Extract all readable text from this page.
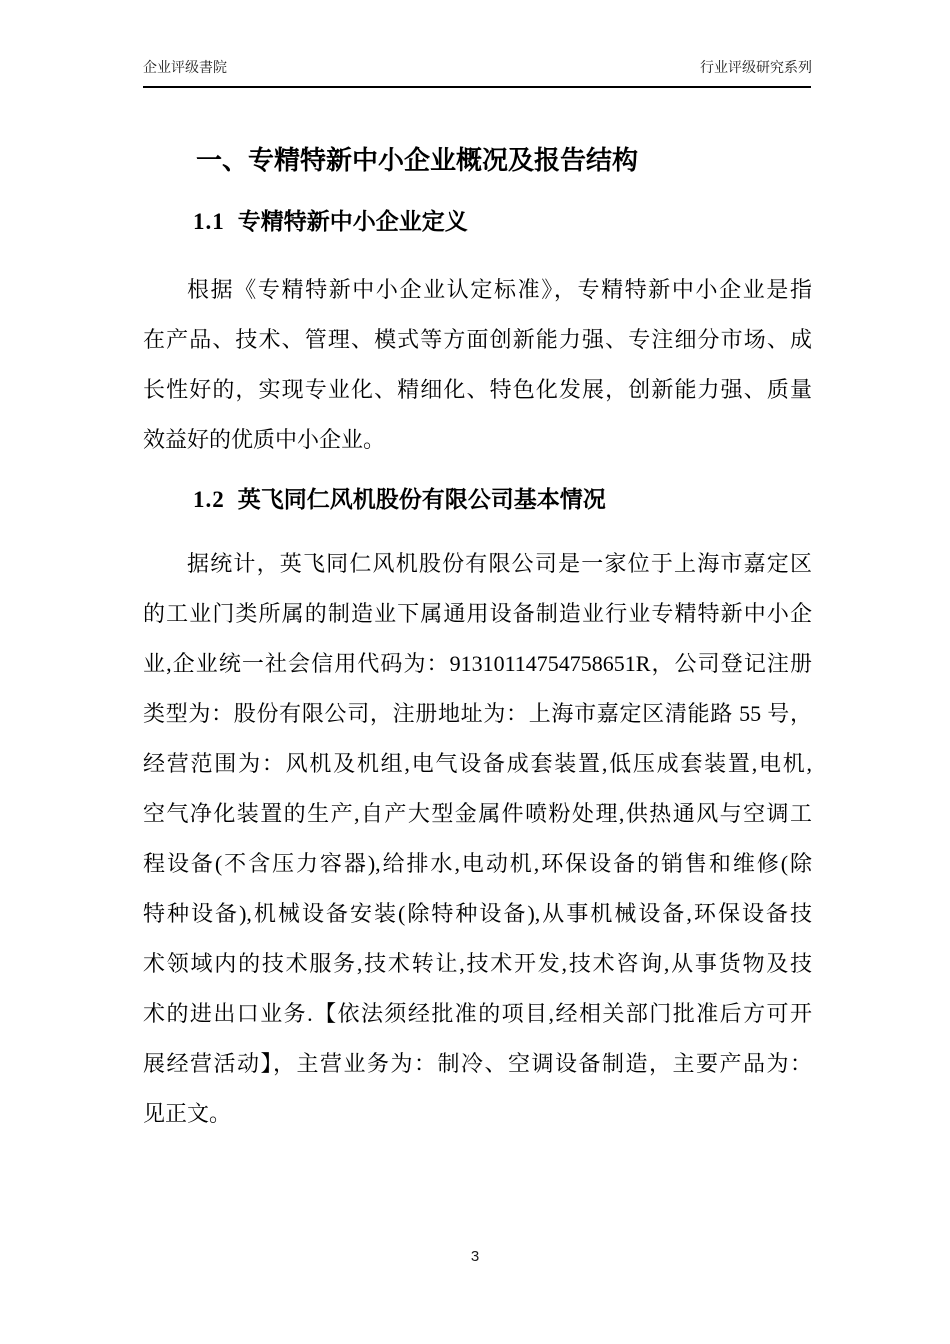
企业评级書院	行业评级研究系列
一、专精特新中小企业概况及报告结构
1.1 专精特新中小企业定义
根据《专精特新中小企业认定标准》，专精特新中小企业是指
在产品、技术、管理、模式等方面创新能力强、专注细分市场、成
长性好的，实现专业化、精细化、特色化发展，创新能力强、质量
效益好的优质中小企业。
1.2 英飞同仁风机股份有限公司基本情况
据统计，英飞同仁风机股份有限公司是一家位于上海市嘉定区
的工业门类所属的制造业下属通用设备制造业行业专精特新中小企
业,企业统一社会信用代码为：91310114754758651R，公司登记注册
类型为：股份有限公司，注册地址为：上海市嘉定区清能路 55 号，
经营范围为：风机及机组,电气设备成套装置,低压成套装置,电机,
空气净化装置的生产,自产大型金属件喷粉处理,供热通风与空调工
程设备(不含压力容器),给排水,电动机,环保设备的销售和维修(除
特种设备),机械设备安装(除特种设备),从事机械设备,环保设备技
术领域内的技术服务,技术转让,技术开发,技术咨询,从事货物及技
术的进出口业务.【依法须经批准的项目,经相关部门批准后方可开
展经营活动】，主营业务为：制冷、空调设备制造，主要产品为：
见正文。
3
